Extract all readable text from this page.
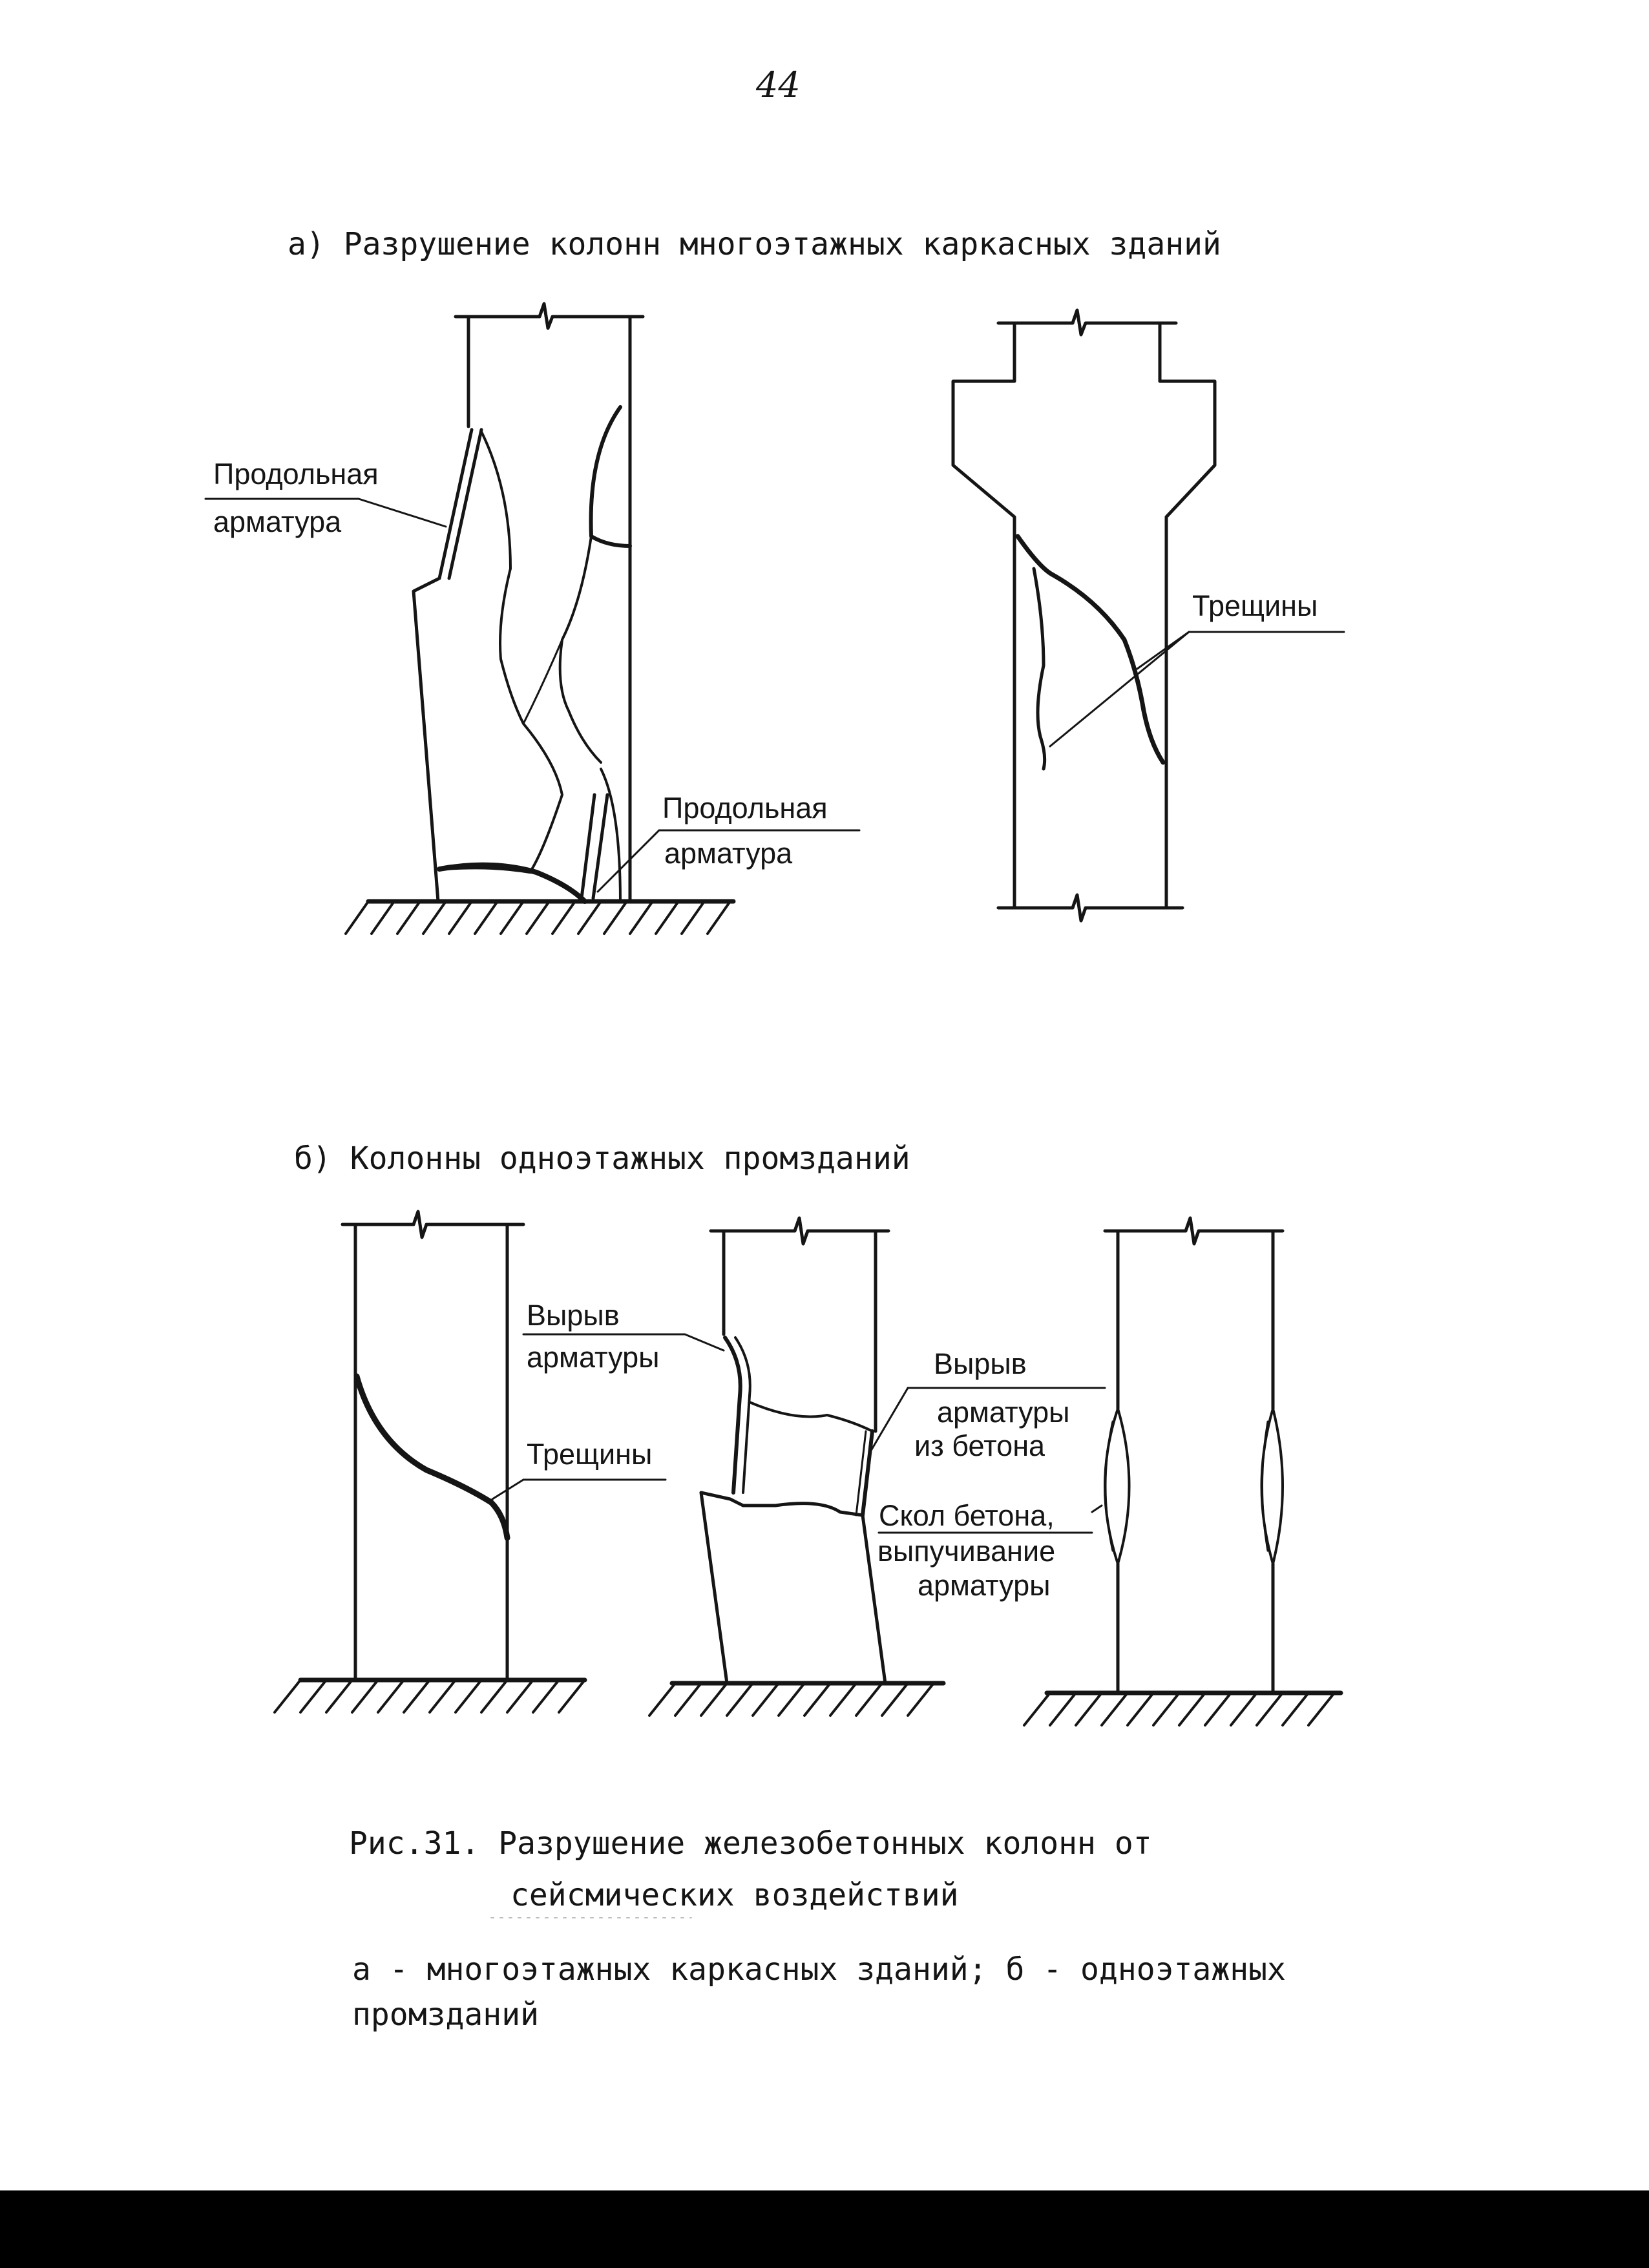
44
а) Разрушение колонн многоэтажных каркасных зданий
б) Колонны одноэтажных промзданий
Продольная
арматура
Продольная
арматура
Трещины
Вырыв
арматуры
Трещины
Вырыв
арматуры
из бетона
Скол бетона,
выпучивание
арматуры
Рис.31. Разрушение железобетонных колонн от
сейсмических воздействий
а - многоэтажных каркасных зданий; б - одноэтажных
промзданий
